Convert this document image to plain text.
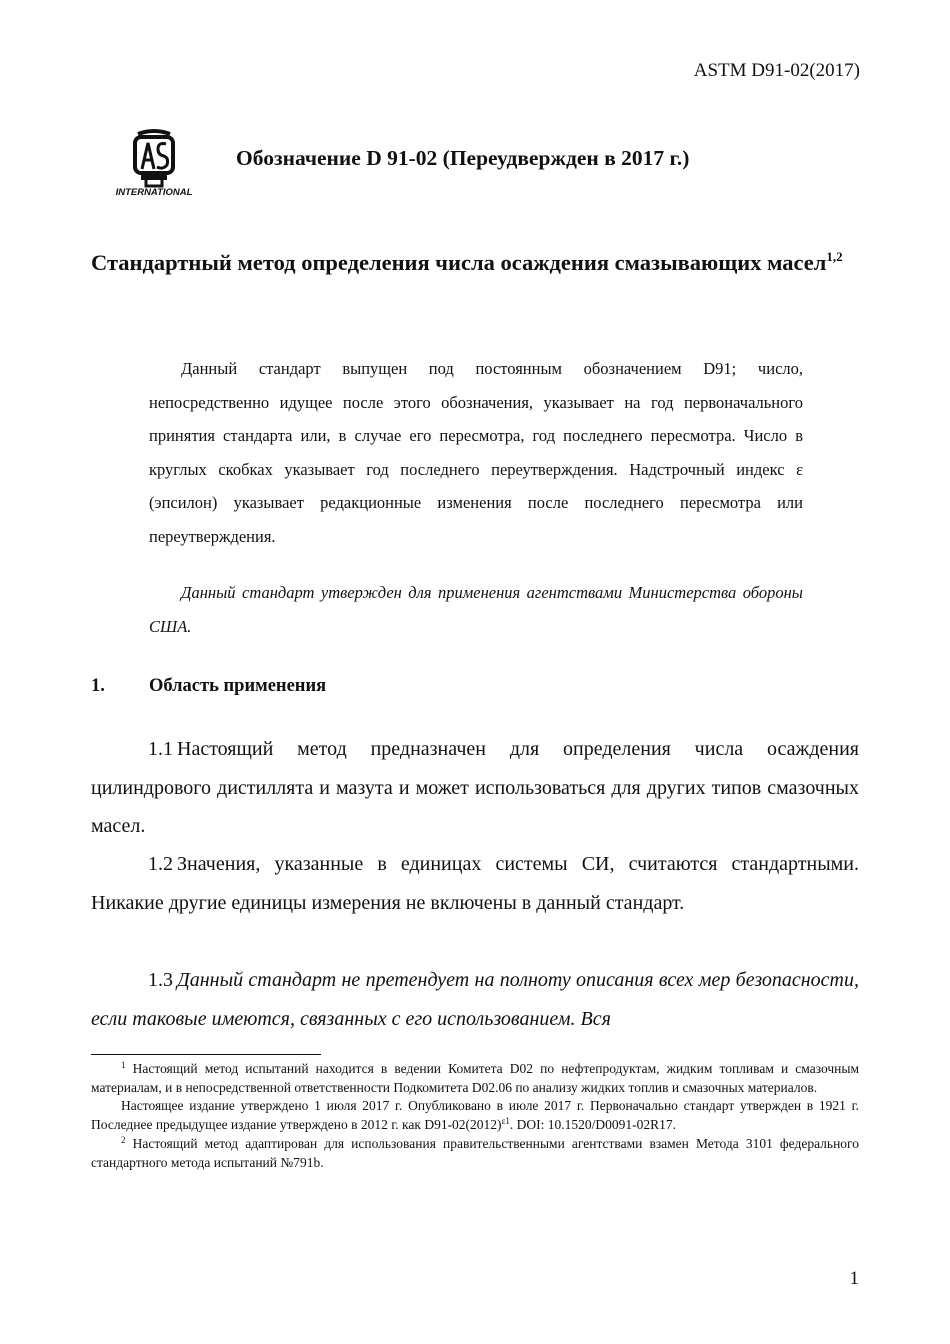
ASTM D91-02(2017)
INTERNATIONAL
Обозначение D 91-02 (Переудвержден в 2017 г.)
Стандартный метод определения числа осаждения смазывающих масел$^{1,2}$
Данный стандарт выпущен под постоянным обозначением D91; число, непосредственно идущее после этого обозначения, указывает на год первоначального принятия стандарта или, в случае его пересмотра, год последнего пересмотра. Число в круглых скобках указывает год последнего переутверждения. Надстрочный индекс ε (эпсилон) указывает редакционные изменения после последнего пересмотра или переутверждения.
Данный стандарт утвержден для применения агентствами Министерства обороны США.
1. Область применения
1.1 Настоящий метод предназначен для определения числа осаждения цилиндрового дистиллята и мазута и может использоваться для других типов смазочных масел.
1.2 Значения, указанные в единицах системы СИ, считаются стандартными. Никакие другие единицы измерения не включены в данный стандарт.
1.3 Данный стандарт не претендует на полноту описания всех мер безопасности, если таковые имеются, связанных с его использованием. Вся

$^1$ Настоящий метод испытаний находится в ведении Комитета D02 по нефтепродуктам, жидким топливам и смазочным материалам, и в непосредственной ответственности Подкомитета D02.06 по анализу жидких топлив и смазочных материалов.

Настоящее издание утверждено 1 июля 2017 г. Опубликовано в июле 2017 г. Первоначально стандарт утвержден в 1921 г. Последнее предыдущее издание утверждено в 2012 г. как $D91-02(2012)^{\varepsilon 1}$. DOI: 10.1520/D0091-02R17.

$^2$ Настоящий метод адаптирован для использования правительственными агентствами взамен Метода 3101 федерального стандартного метода испытаний №791b.

1
